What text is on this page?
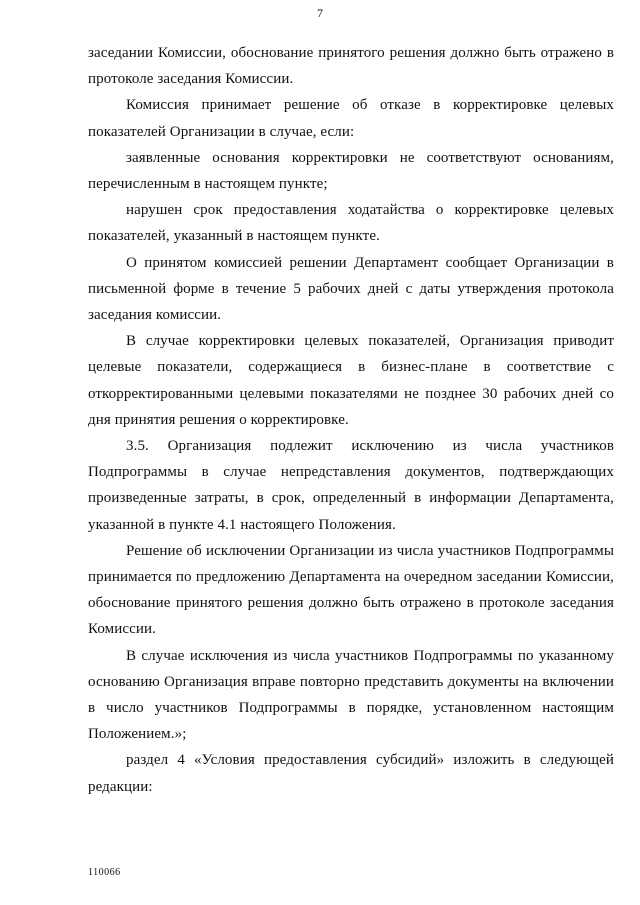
7

заседании Комиссии, обоснование принятого решения должно быть отражено в протоколе заседания Комиссии.

Комиссия принимает решение об отказе в корректировке целевых показателей Организации в случае, если:

заявленные основания корректировки не соответствуют основаниям, перечисленным в настоящем пункте;

нарушен срок предоставления ходатайства о корректировке целевых показателей, указанный в настоящем пункте.

О принятом комиссией решении Департамент сообщает Организации в письменной форме в течение 5 рабочих дней с даты утверждения протокола заседания комиссии.

В случае корректировки целевых показателей, Организация приводит целевые показатели, содержащиеся в бизнес-плане в соответствие с откорректированными целевыми показателями не позднее 30 рабочих дней со дня принятия решения о корректировке.

3.5. Организация подлежит исключению из числа участников Подпрограммы в случае непредставления документов, подтверждающих произведенные затраты, в срок, определенный в информации Департамента, указанной в пункте 4.1 настоящего Положения.

Решение об исключении Организации из числа участников Подпрограммы принимается по предложению Департамента на очередном заседании Комиссии, обоснование принятого решения должно быть отражено в протоколе заседания Комиссии.

В случае исключения из числа участников Подпрограммы по указанному основанию Организация вправе повторно представить документы на включении в число участников Подпрограммы в порядке, установленном настоящим Положением.»;

раздел 4 «Условия предоставления субсидий» изложить в следующей редакции:

110066
